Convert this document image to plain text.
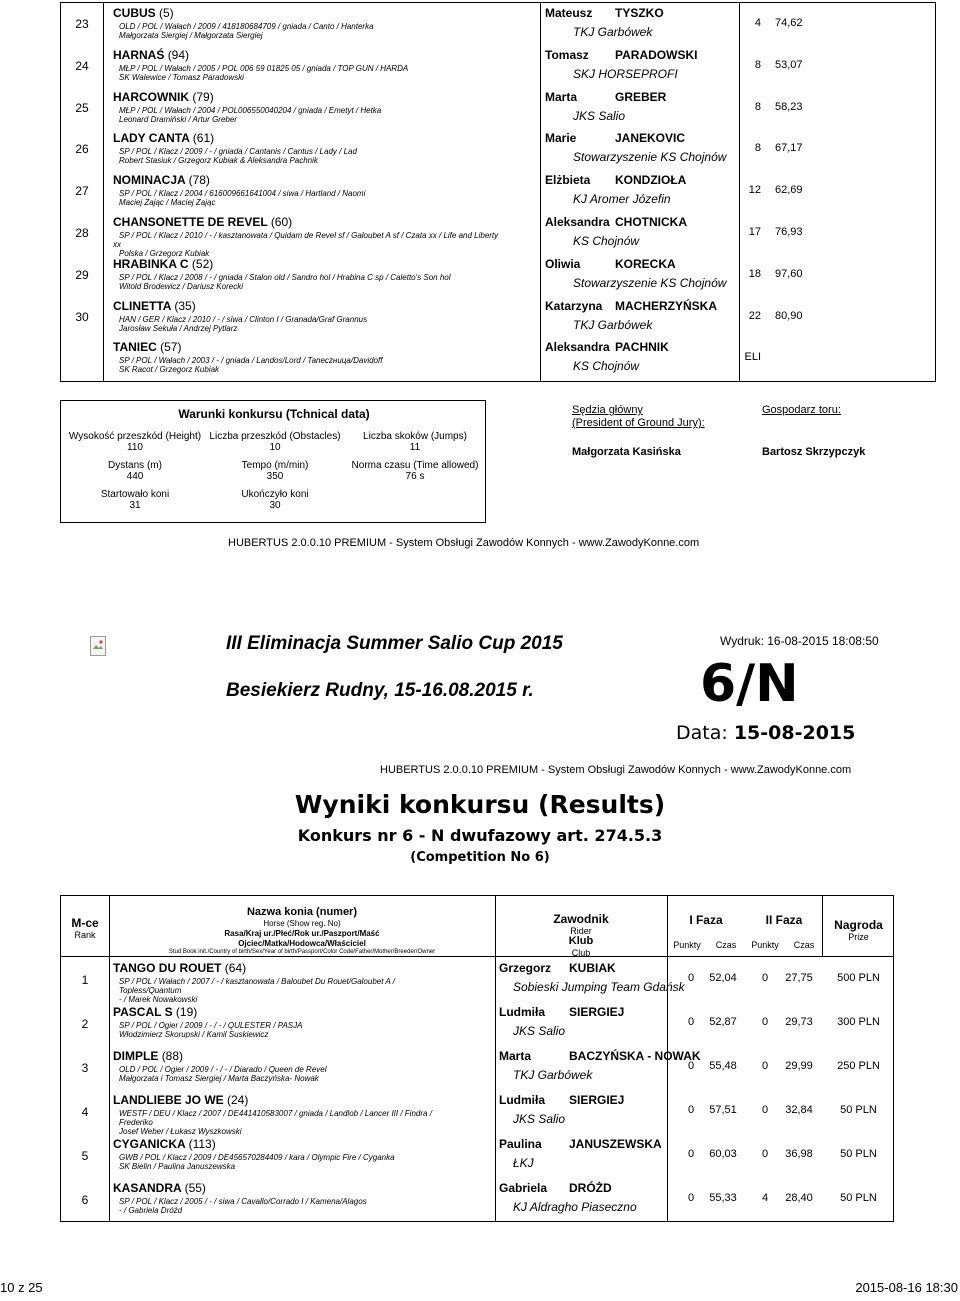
23
CUBUS (5)
OLD / POL / Wałach / 2009 / 418180684709 / gniada / Canto / Hanterka
Małgorzata Siergiej / Małgorzata Siergiej
Mateusz TYSZKO
TKJ Garbówek
4 74,62
24
HARNAŚ (94)
MŁP / POL / Wałach / 2005 / POL 006 59 01825 05 / gniada / TOP GUN / HARDA
SK Walewice / Tomasz Paradowski
Tomasz PARADOWSKI
SKJ HORSEPROFI
8 53,07
25
HARCOWNIK (79)
MŁP / POL / Wałach / 2004 / POL006550040204 / gniada / Emetyt / Hetka
Leonard Dramiński / Artur Greber
Marta	GREBER
JKS Salio
8 58,23
26
LADY CANTA (61)
SP / POL / Klacz / 2009 / - / gniada / Cantanis / Cantus / Lady / Lad
Robert Stasiuk / Grzegorz Kubiak & Aleksandra Pachnik
Marie	JANEKOVIC
Stowarzyszenie KS Chojnów
8 67,17
27
NOMINACJA (78)
SP / POL / Klacz / 2004 / 616009661641004 / siwa / Hartland / Naomi
Maciej Zając / Maciej Zając
Elżbieta KONDZIOŁA
KJ Aromer Józefin
12 62,69
28
CHANSONETTE DE REVEL (60)
SP / POL / Klacz / 2010 / - / kasztanowata / Quidam de Revel sf / Galoubet A sf / Czata xx / Life and Liberty
xx
Polska / Grzegorz Kubiak
Aleksandra CHOTNICKA
KS Chojnów
17 76,93
29
HRABINKA C (52)
SP / POL / Klacz / 2008 / - / gniada / Stalon old / Sandro hol / Hrabina C sp / Caletto's Son hol
Witold Brodewicz / Dariusz Korecki
Oliwia	KORECKA
Stowarzyszenie KS Chojnów
18 97,60
30
CLINETTA (35)
HAN / GER / Klacz / 2010 / - / siwa / Clinton I / Granada/Graf Grannus
Jarosław Sekuła / Andrzej Pytlarz
Katarzyna MACHERZYŃSKA
TKJ Garbówek
22 80,90
TANIEC (57)
SP / POL / Wałach / 2003 / - / gniada / Landos/Lord / Taneczница/Davidoff
SK Racot / Grzegorz Kubiak
Aleksandra PACHNIK
KS Chojnów
ELI
Warunki konkursu (Tchnical data)
Wysokość przeszkód (Height)
110
Liczba przeszkód (Obstacles)
10
Liczba skoków (Jumps)
11
Dystans (m)
440
Tempo (m/min)
350
Norma czasu (Time allowed)
76 s
Startowało koni
31
Ukończyło koni
30
Sędzia główny
(President of Ground Jury):
Małgorzata Kasińska
Gospodarz toru:
Bartosz Skrzypczyk
HUBERTUS 2.0.0.10 PREMIUM - System Obsługi Zawodów Konnych - www.ZawodyKonne.com
III Eliminacja Summer Salio Cup 2015
Besiekierz Rudny, 15-16.08.2015 r.
Wydruk: 16-08-2015 18:08:50
6/N
Data: 15-08-2015
HUBERTUS 2.0.0.10 PREMIUM - System Obsługi Zawodów Konnych - www.ZawodyKonne.com
Wyniki konkursu (Results)
Konkurs nr 6 - N dwufazowy art. 274.5.3
(Competition No 6)
M-ce
Rank
Nazwa konia (numer)
Horse (Show reg. No)
Rasa/Kraj ur./Płeć/Rok ur./Paszport/Maść
Ojciec/Matka/Hodowca/Właściciel
Stud Book init./Country of birth/Sex/Year of birth/Passport/Color Code/Father/Mother/Breeder/Owner
Zawodnik
Rider
Klub
Club
I Faza	II Faza
Punkty	Czas	Punkty	Czas
Nagroda
Prize
1
TANGO DU ROUET (64)
SP / POL / Wałach / 2007 / - / kasztanowata / Baloubet Du Rouet/Galoubet A /
Topless/Quantum
- / Marek Nowakowski
Grzegorz KUBIAK
Sobieski Jumping Team Gdańsk
0	52,04	0	27,75	500 PLN
2
PASCAL S (19)
SP / POL / Ogier / 2009 / - / - / QULESTER / PASJA
Włodzimierz Skorupski / Kamil Suskiewicz
Ludmiła SIERGIEJ
JKS Salio
0	52,87	0	29,73	300 PLN
3
DIMPLE (88)
OLD / POL / Ogier / 2009 / - / - / Diarado / Queen de Revel
Małgorzata i Tomasz Siergiej / Marta Baczyńska- Nowak
Marta	BACZYŃSKA - NOWAK
TKJ Garbówek
0	55,48	0	29,99	250 PLN
4
LANDLIEBE JO WE (24)
WESTF / DEU / Klacz / 2007 / DE441410583007 / gniada / Landlob / Lancer III / Findra /
Frederiko
Josef Weber / Łukasz Wyszkowski
Ludmiła SIERGIEJ
JKS Salio
0	57,51	0	32,84	50 PLN
5
CYGANICKA (113)
GWB / POL / Klacz / 2009 / DE456570284409 / kara / Olympic Fire / Cyganka
SK Bielin / Paulina Januszewska
Paulina JANUSZEWSKA
ŁKJ
0	60,03	0	36,98	50 PLN
6
KASANDRA (55)
SP / POL / Klacz / 2005 / - / siwa / Cavallo/Corrado I / Kamena/Alagos
- / Gabriela Dróżd
Gabriela DRÓŻD
KJ Aldragho Piaseczno
0	55,33	4	28,40	50 PLN
10 z 25	2015-08-16 18:30
